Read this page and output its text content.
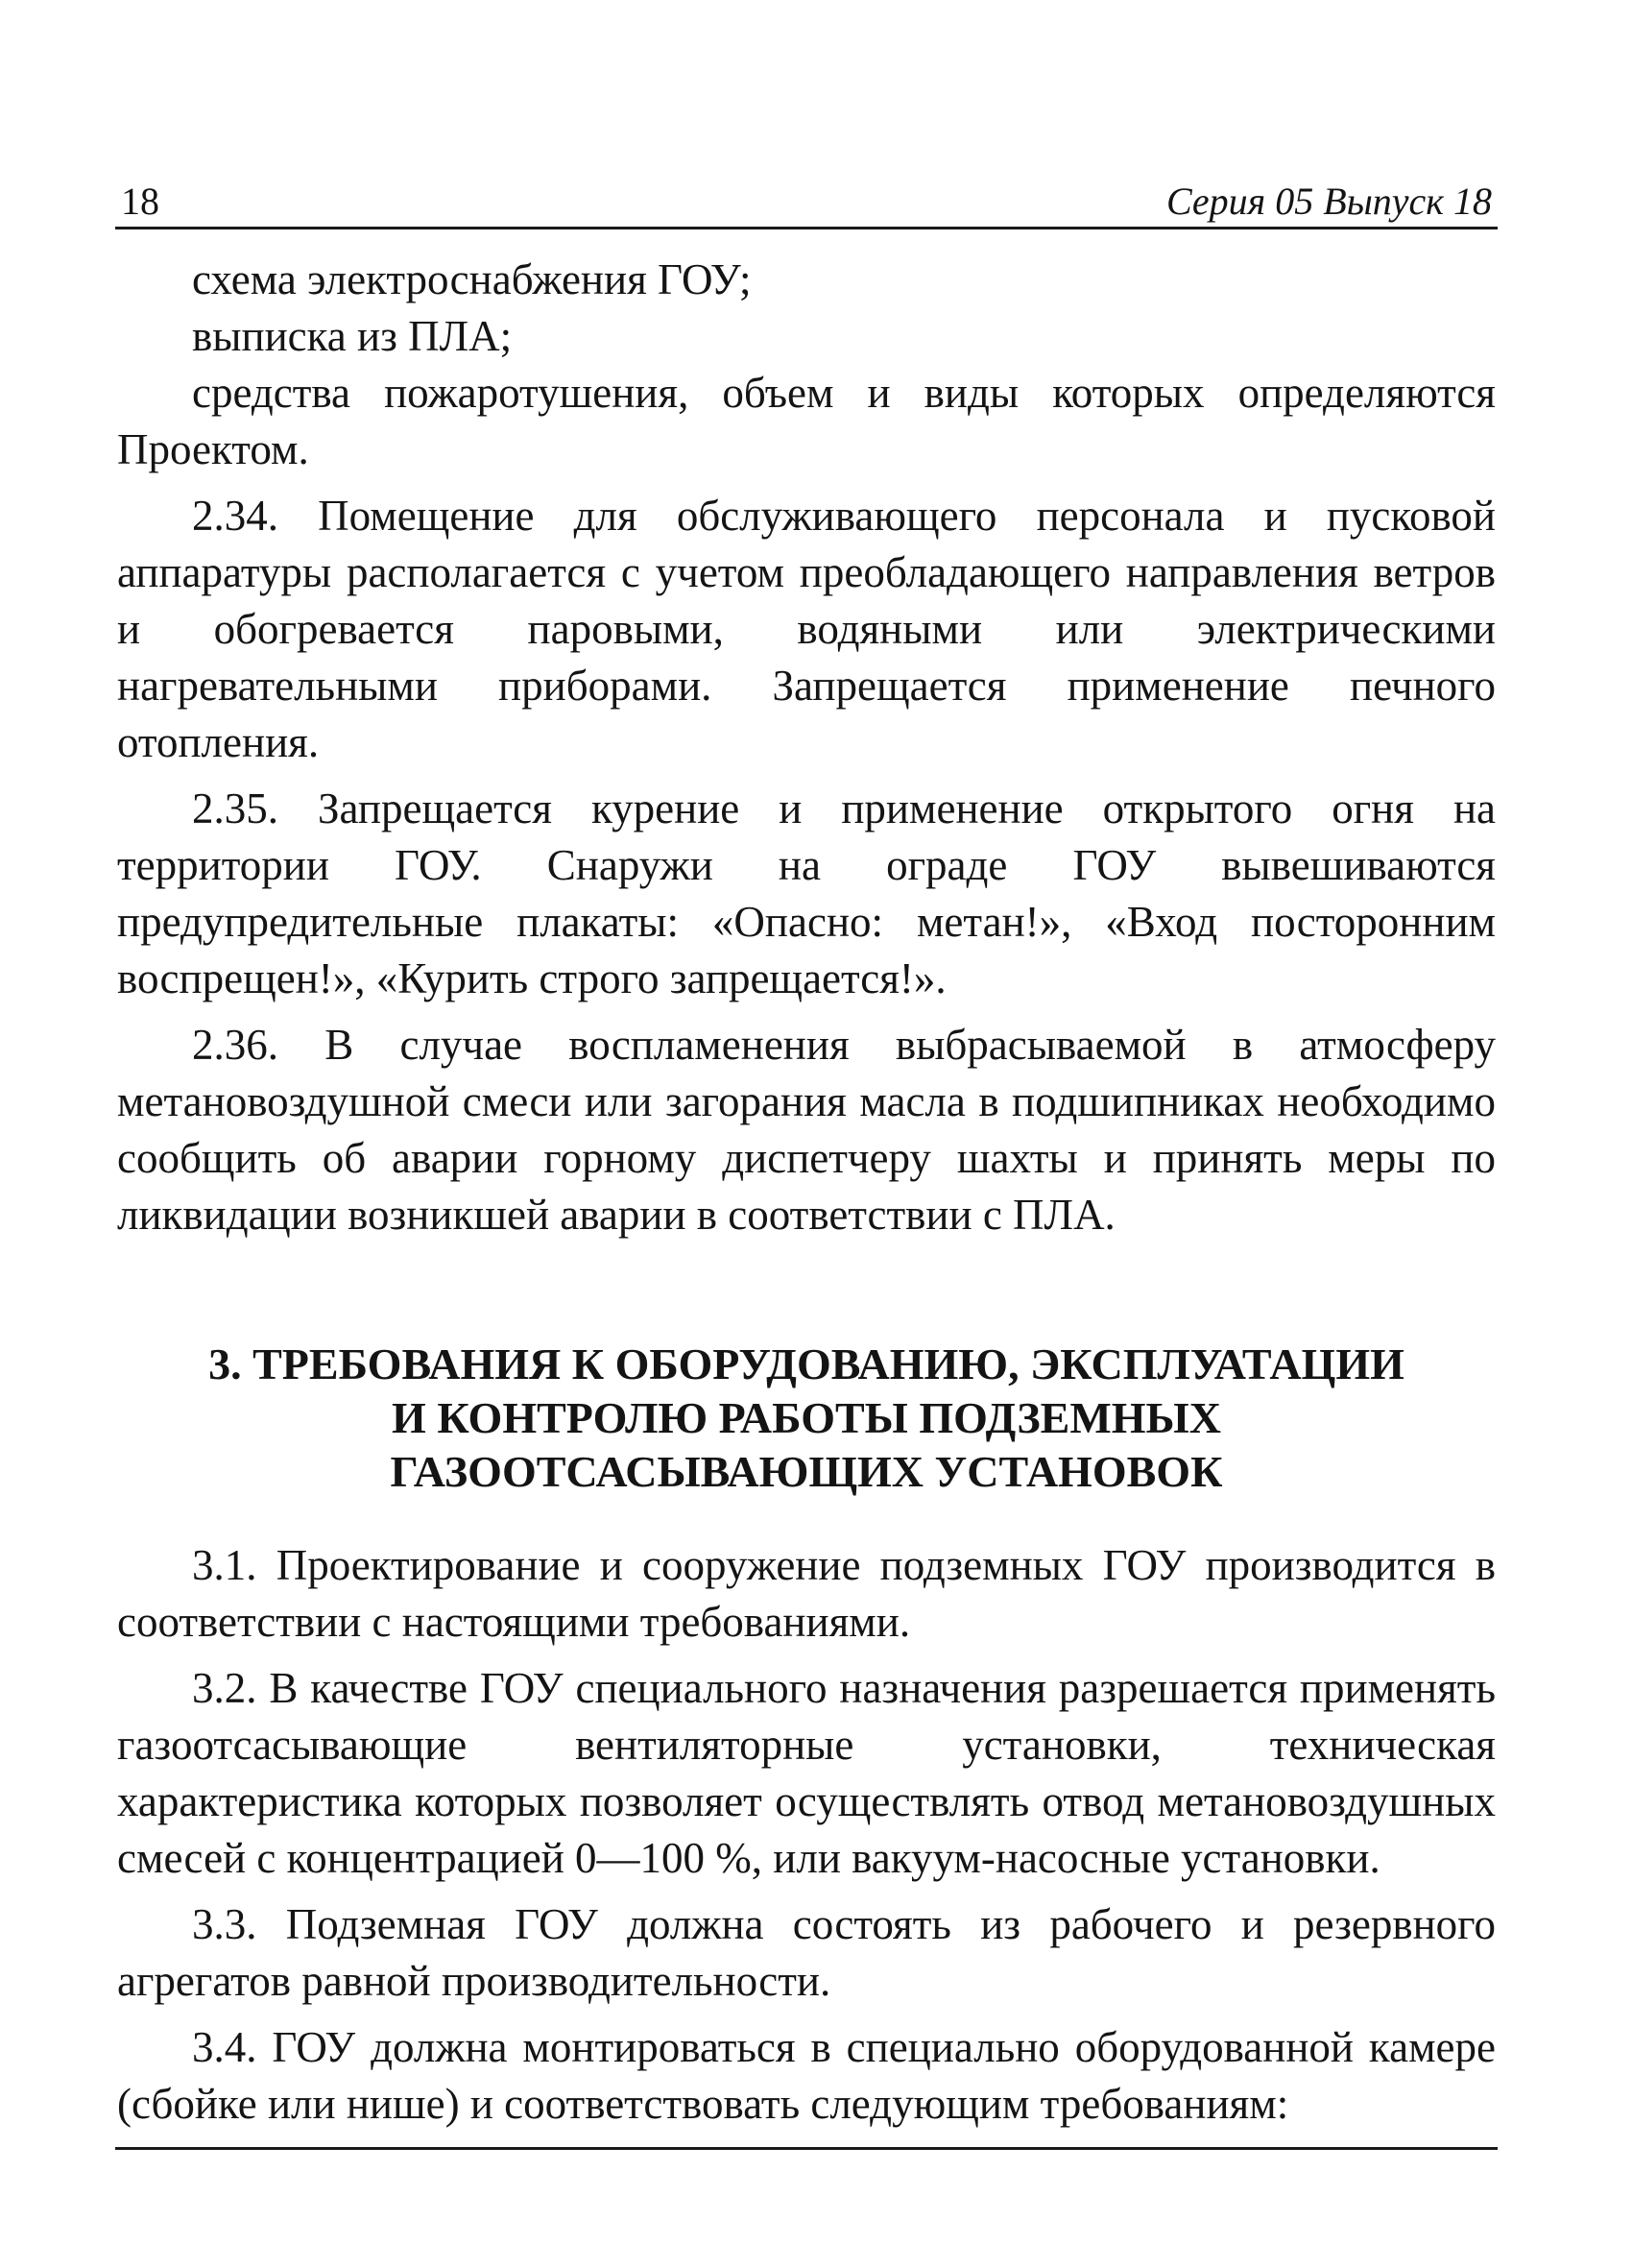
18	Серия 05 Выпуск 18

схема электроснабжения ГОУ;

выписка из ПЛА;

средства пожаротушения, объем и виды которых определяются Проектом.

2.34. Помещение для обслуживающего персонала и пусковой аппаратуры располагается с учетом преобладающего направления ветров и обогревается паровыми, водяными или электрическими нагревательными приборами. Запрещается применение печного отопления.

2.35. Запрещается курение и применение открытого огня на территории ГОУ. Снаружи на ограде ГОУ вывешиваются предупредительные плакаты: «Опасно: метан!», «Вход посторонним воспрещен!», «Курить строго запрещается!».

2.36. В случае воспламенения выбрасываемой в атмосферу метановоздушной смеси или загорания масла в подшипниках необходимо сообщить об аварии горному диспетчеру шахты и принять меры по ликвидации возникшей аварии в соответствии с ПЛА.

3. ТРЕБОВАНИЯ К ОБОРУДОВАНИЮ, ЭКСПЛУАТАЦИИ
И КОНТРОЛЮ РАБОТЫ ПОДЗЕМНЫХ
ГАЗООТСАСЫВАЮЩИХ УСТАНОВОК

3.1. Проектирование и сооружение подземных ГОУ производится в соответствии с настоящими требованиями.

3.2. В качестве ГОУ специального назначения разрешается применять газоотсасывающие вентиляторные установки, техническая характеристика которых позволяет осуществлять отвод метановоздушных смесей с концентрацией 0—100 %, или вакуум-насосные установки.

3.3. Подземная ГОУ должна состоять из рабочего и резервного агрегатов равной производительности.

3.4. ГОУ должна монтироваться в специально оборудованной камере (сбойке или нише) и соответствовать следующим требованиям:
